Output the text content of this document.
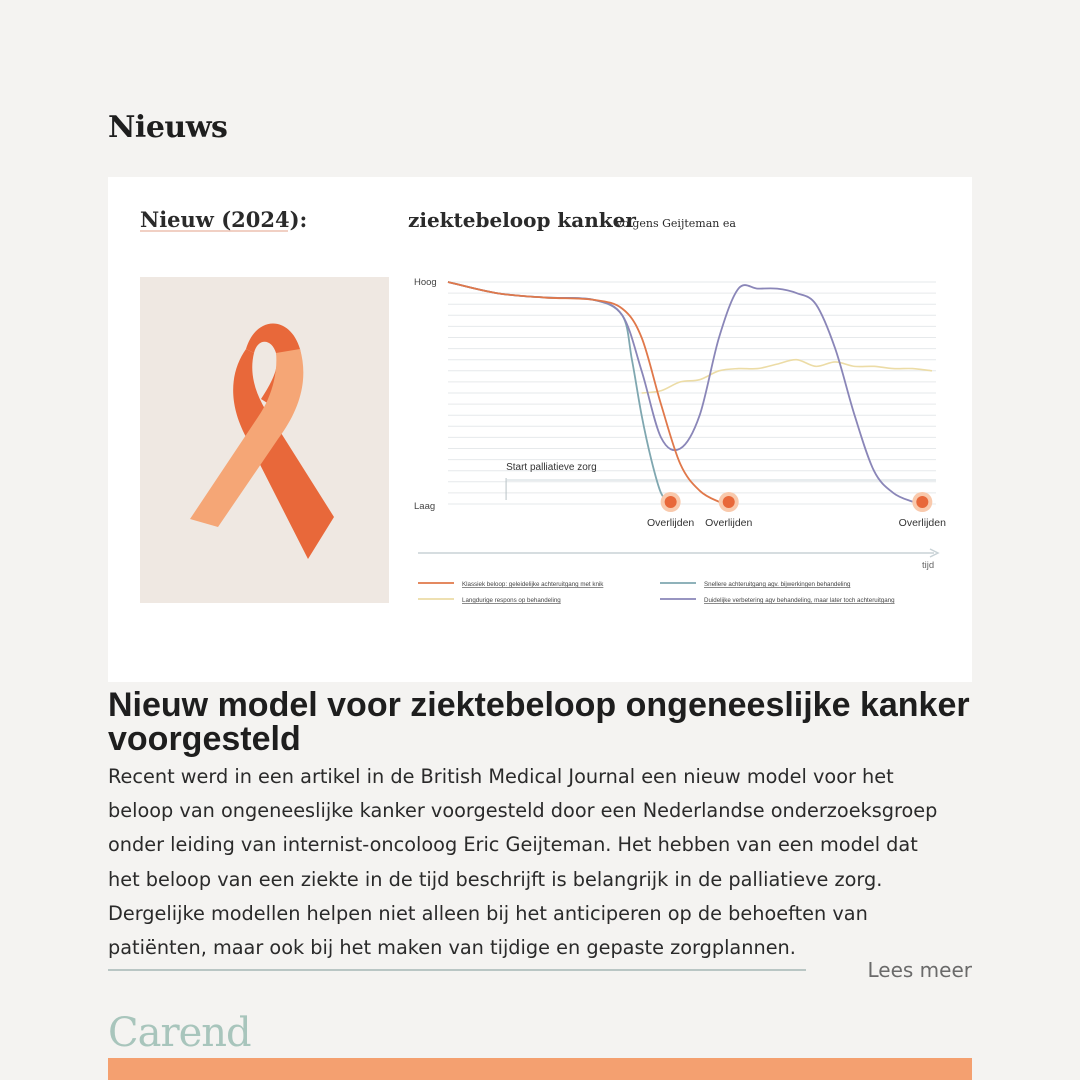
Nieuws
Nieuw (2024):	ziektebeloop kanker
volgens Geijteman ea
Hoog
Laag
tijd
Start palliatieve zorg
Overlijden Overlijden	Overlijden
Klassiek beloop: geleidelijke achteruitgang met knik	Snellere achteruitgang agv. bijwerkingen behandeling
Langdurige respons op behandeling	Duidelijke verbetering agv behandeling, maar later toch achteruitgang
Nieuw model voor ziektebeloop ongeneeslijke kanker voorgesteld
Recent werd in een artikel in de British Medical Journal een nieuw model voor het
beloop van ongeneeslijke kanker voorgesteld door een Nederlandse onderzoeksgroep
onder leiding van internist-oncoloog Eric Geijteman. Het hebben van een model dat
het beloop van een ziekte in de tijd beschrijft is belangrijk in de palliatieve zorg.
Dergelijke modellen helpen niet alleen bij het anticiperen op de behoeften van
patiënten, maar ook bij het maken van tijdige en gepaste zorgplannen.
Lees meer
Carend
